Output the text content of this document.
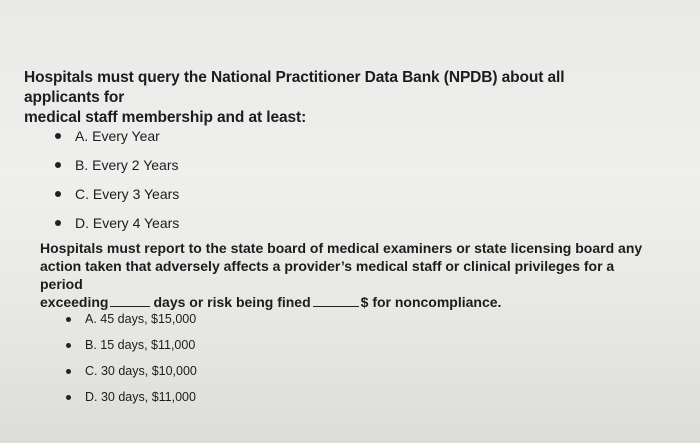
Hospitals must query the National Practitioner Data Bank (NPDB) about all applicants for
medical staff membership and at least:

A. Every Year
B. Every 2 Years
C. Every 3 Years
D. Every 4 Years

Hospitals must report to the state board of medical examiners or state licensing board any
action taken that adversely affects a provider’s medical staff or clinical privileges for a period
exceeding	days or risk being fined	$ for noncompliance.

A. 45 days, $15,000
B. 15 days, $11,000
C. 30 days, $10,000
D. 30 days, $11,000
